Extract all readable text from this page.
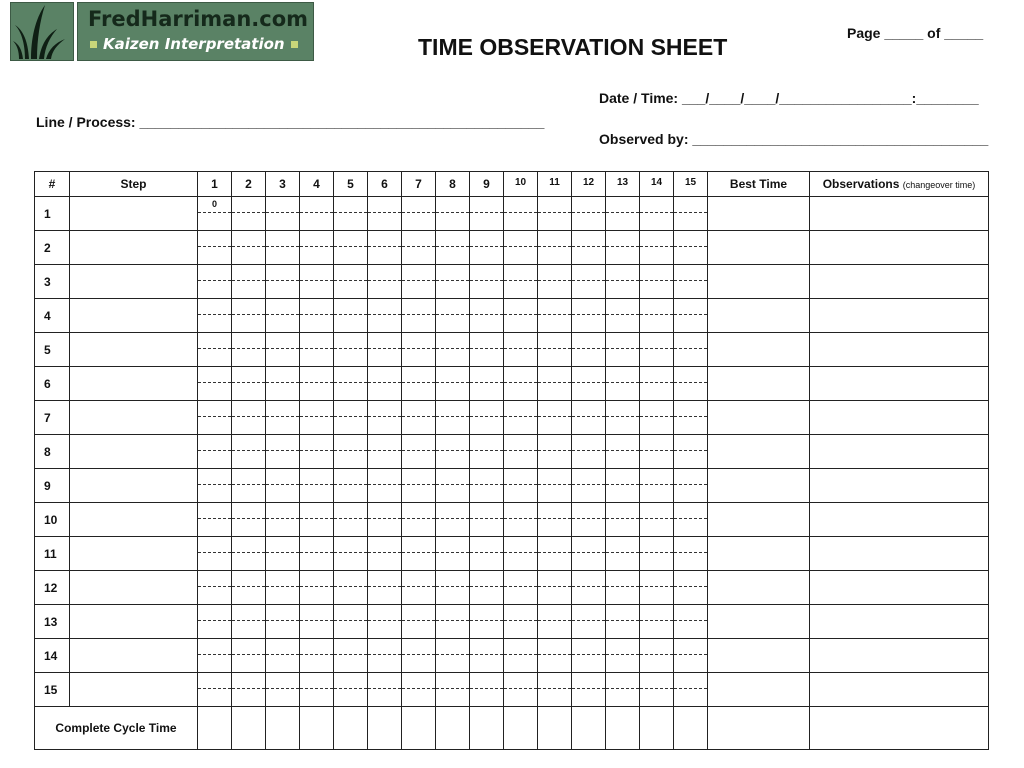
FredHarriman.com
Kaizen Interpretation	TIME OBSERVATION SHEET
Page _____ of _____
Date / Time: ___/____/____/_________________:________
Line / Process: ____________________________________________________
Observed by: ______________________________________
#	Step	1	2	3	4	5	6	7	8	9	10	11	12	13	14	15	Best Time	Observations (changeover time)
1		0																

2		

3		

4		

5		

6		

7		

8		

9		

10		

11		

12		

13		

14		

15		

Complete Cycle Time																		
